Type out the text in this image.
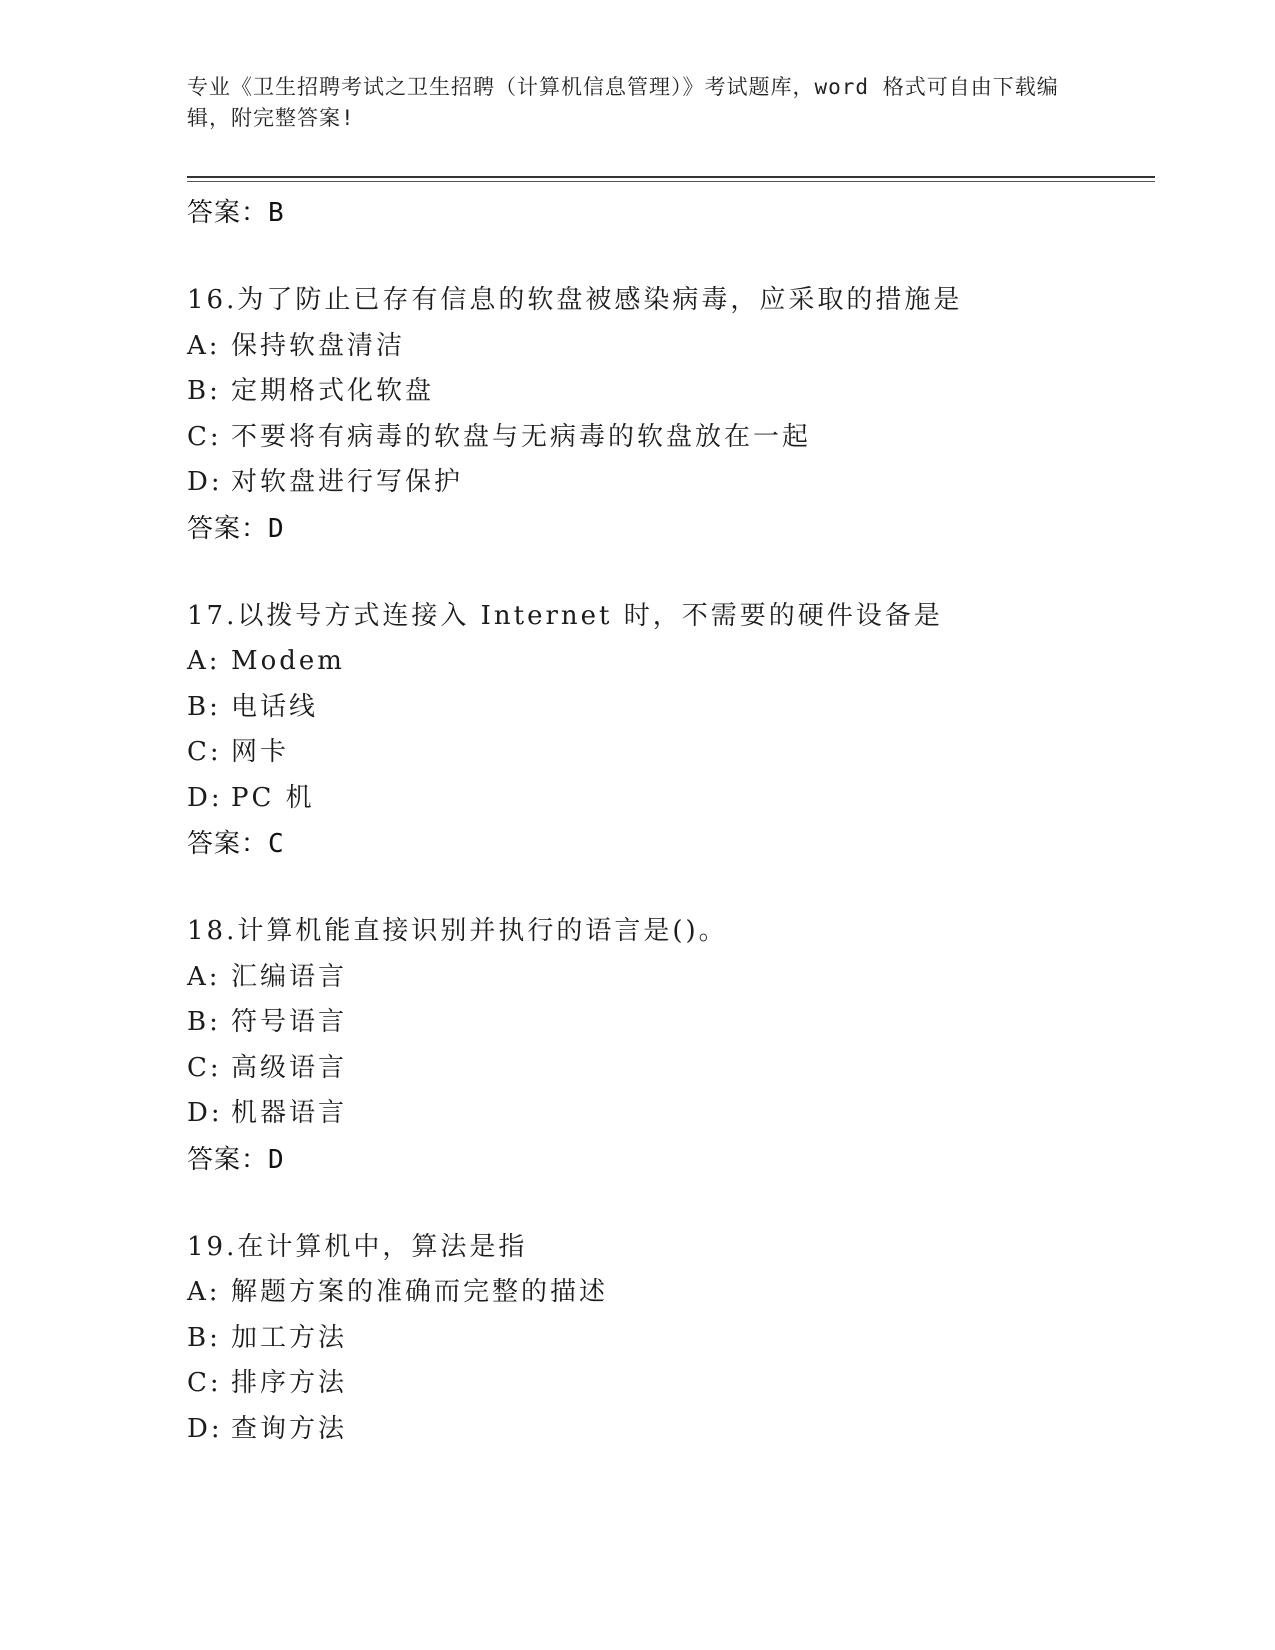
专业《卫生招聘考试之卫生招聘（计算机信息管理）》考试题库，word 格式可自由下载编辑，附完整答案!
答案：B
16.为了防止已存有信息的软盘被感染病毒，应采取的措施是
A: 保持软盘清洁
B: 定期格式化软盘
C: 不要将有病毒的软盘与无病毒的软盘放在一起
D: 对软盘进行写保护
答案：D
17.以拨号方式连接入 Internet 时，不需要的硬件设备是
A: Modem
B: 电话线
C: 网卡
D: PC 机
答案：C
18.计算机能直接识别并执行的语言是()。
A: 汇编语言
B: 符号语言
C: 高级语言
D: 机器语言
答案：D
19.在计算机中，算法是指
A: 解题方案的准确而完整的描述
B: 加工方法
C: 排序方法
D: 查询方法
